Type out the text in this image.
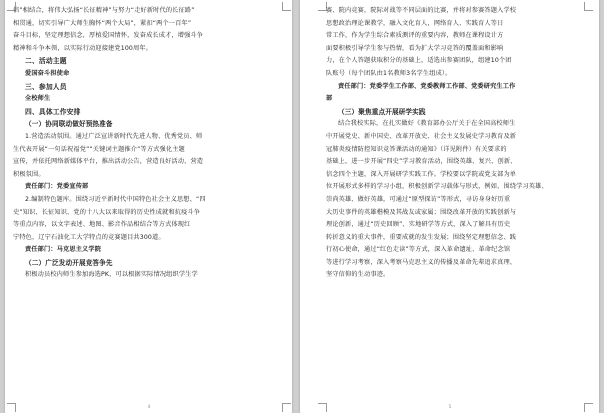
信”相结合，将伟大弘扬“长征精神”与努力“走好新时代的长征路”

相贯通，切实引导广大师生胸怀“两个大局”，紧扣“两个一百年”

奋斗目标，坚定理想信念，厚植爱国情怀，发奋成长成才，增强斗争

精神和斗争本领，以实际行动迎接建党100周年。

二、活动主题

爱国奋斗担使命

三、参加人员

全校师生

四、具体工作安排

（一）协同联动做好预热准备

1.营造活动氛围。通过广泛宣讲新时代先进人物、优秀党员、师

生代表开展“一句话祝福党”“关键词主题推介”等方式强化主题

宣传，并依托网络新媒体平台，推出活动公告，营造良好活动、营造

积极氛围。

责任部门：党委宣传部

2.编制特色题库。围绕习近平新时代中国特色社会主义思想、“四

史”知识、长征知识、党的十八大以来取得的历史性成就和抗疫斗争

等重点内容，以文字表述、地图、影音作品相结合等方式体现红

宁特色，辽宁石油化工大学特点的竞赛题目共300道。

责任部门：马克思主义学院

（二）广泛发动开展竞答争先

积极动员校内师生参加海选PK，可以根据实际情况组织学生学

4

赛、院内竞赛，院际对战等不同层面的比赛，并将对参赛答题入学校

思想政治理论课教学，融入文化育人，网络育人、实践育人等日

常工作，作为学生综合素质测评的重要内容，教师在课程设计方

面要积极引导学生参与热情，看为扩大学习竞答的覆盖面和影响

力，在个人答题获取积分的基础上，适选出参赛团队，组建10个团

队账号（每个团队由1名教师3名学生组成）。

责任部门：党委学生工作部、党委教师工作部、党委研究生工作

部

（三）聚焦重点开展研学实践

结合我校实际，在扎实做好《教育部办公厅关于在全国高校师生

中开展党史、新中国史、改革开放史、社会主义发展史学习教育及新

冠肺炎疫情防控知识竞答课活动的通知》（详见附件）有关要求的

基础上，进一步开展“四史”学习教育活动，围绕英雄、复兴、创新、

信念四个主题，深入开展研学实践工作。学校要以学院或党支部为单

位开展形式多样的学习小组，积极创新学习载体与形式，例如，围绕学习英雄、

崇尚英雄、做好英雄，可通过“原型探访”等形式，寻访身身好历重

大历史事件的英雄楷模及其战友或家属；围绕改革开放的实践创新与

理论创新，通过“历史回顾”、实地研学等方式，深入了解具有历史

转折意义的重大事件，重要成就的发生发展；围绕坚定理想信念、践

行初心使命，通过“红色走读”等方式，深入革命遗址、革命纪念馆

等进行学习考察，深入考察马克思主义的传播及革命先辈追求真理、

坚守信仰的生动事迹。

5
